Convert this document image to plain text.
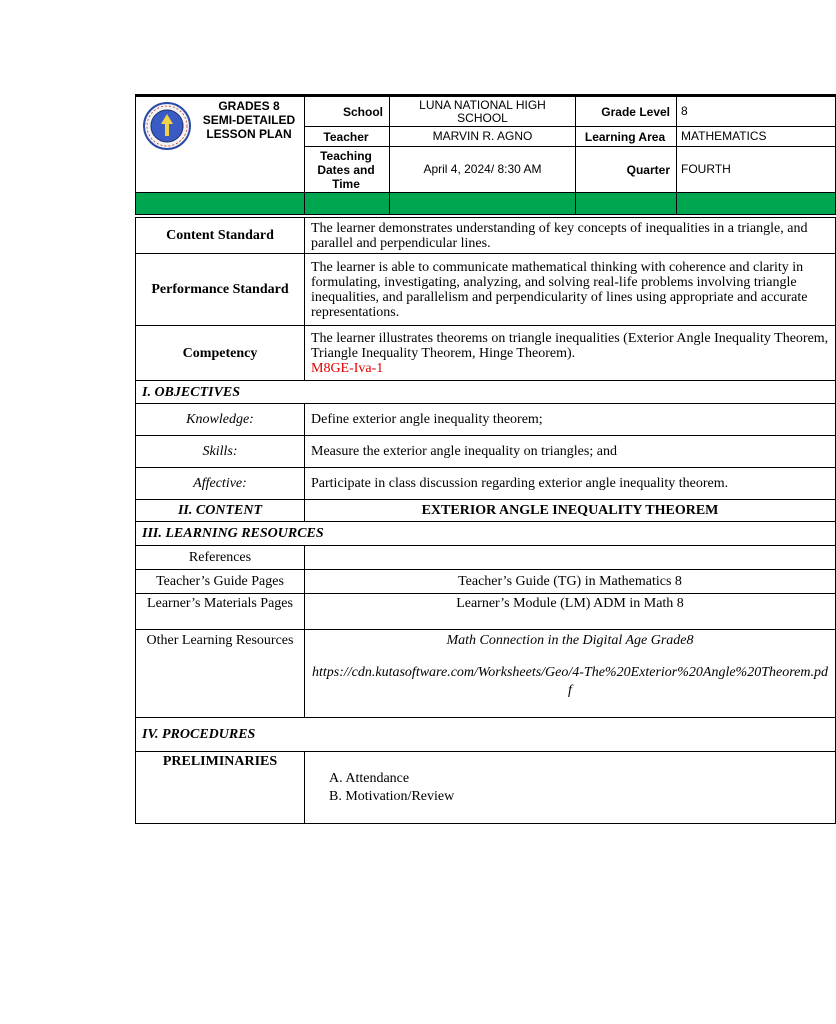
GRADES 8
SEMI-DETAILED
LESSON PLAN	School	LUNA NATIONAL HIGH SCHOOL	Grade Level	8
	Teacher	MARVIN R. AGNO	Learning Area	MATHEMATICS
	Teaching Dates and Time	April 4, 2024/ 8:30 AM	Quarter	FOURTH

Content Standard	The learner demonstrates understanding of key concepts of inequalities in a triangle, and parallel and perpendicular lines.
Performance Standard	The learner is able to communicate mathematical thinking with coherence and clarity in formulating, investigating, analyzing, and solving real-life problems involving triangle inequalities, and parallelism and perpendicularity of lines using appropriate and accurate representations.
Competency	The learner illustrates theorems on triangle inequalities (Exterior Angle Inequality Theorem, Triangle Inequality Theorem, Hinge Theorem).
M8GE-Iva-1
I. OBJECTIVES	
Knowledge:	Define exterior angle inequality theorem;
Skills:	Measure the exterior angle inequality on triangles; and
Affective:	Participate in class discussion regarding exterior angle inequality theorem.
II. CONTENT	EXTERIOR ANGLE INEQUALITY THEOREM
III. LEARNING RESOURCES	
References	
Teacher’s Guide Pages	Teacher’s Guide (TG) in Mathematics 8
Learner’s Materials Pages	Learner’s Module (LM) ADM in Math 8
Other Learning Resources	Math Connection in the Digital Age Grade8
https://cdn.kutasoftware.com/Worksheets/Geo/4-The%20Exterior%20Angle%20Theorem.pdf
IV. PROCEDURES	
PRELIMINARIES	A. Attendance
B. Motivation/Review
